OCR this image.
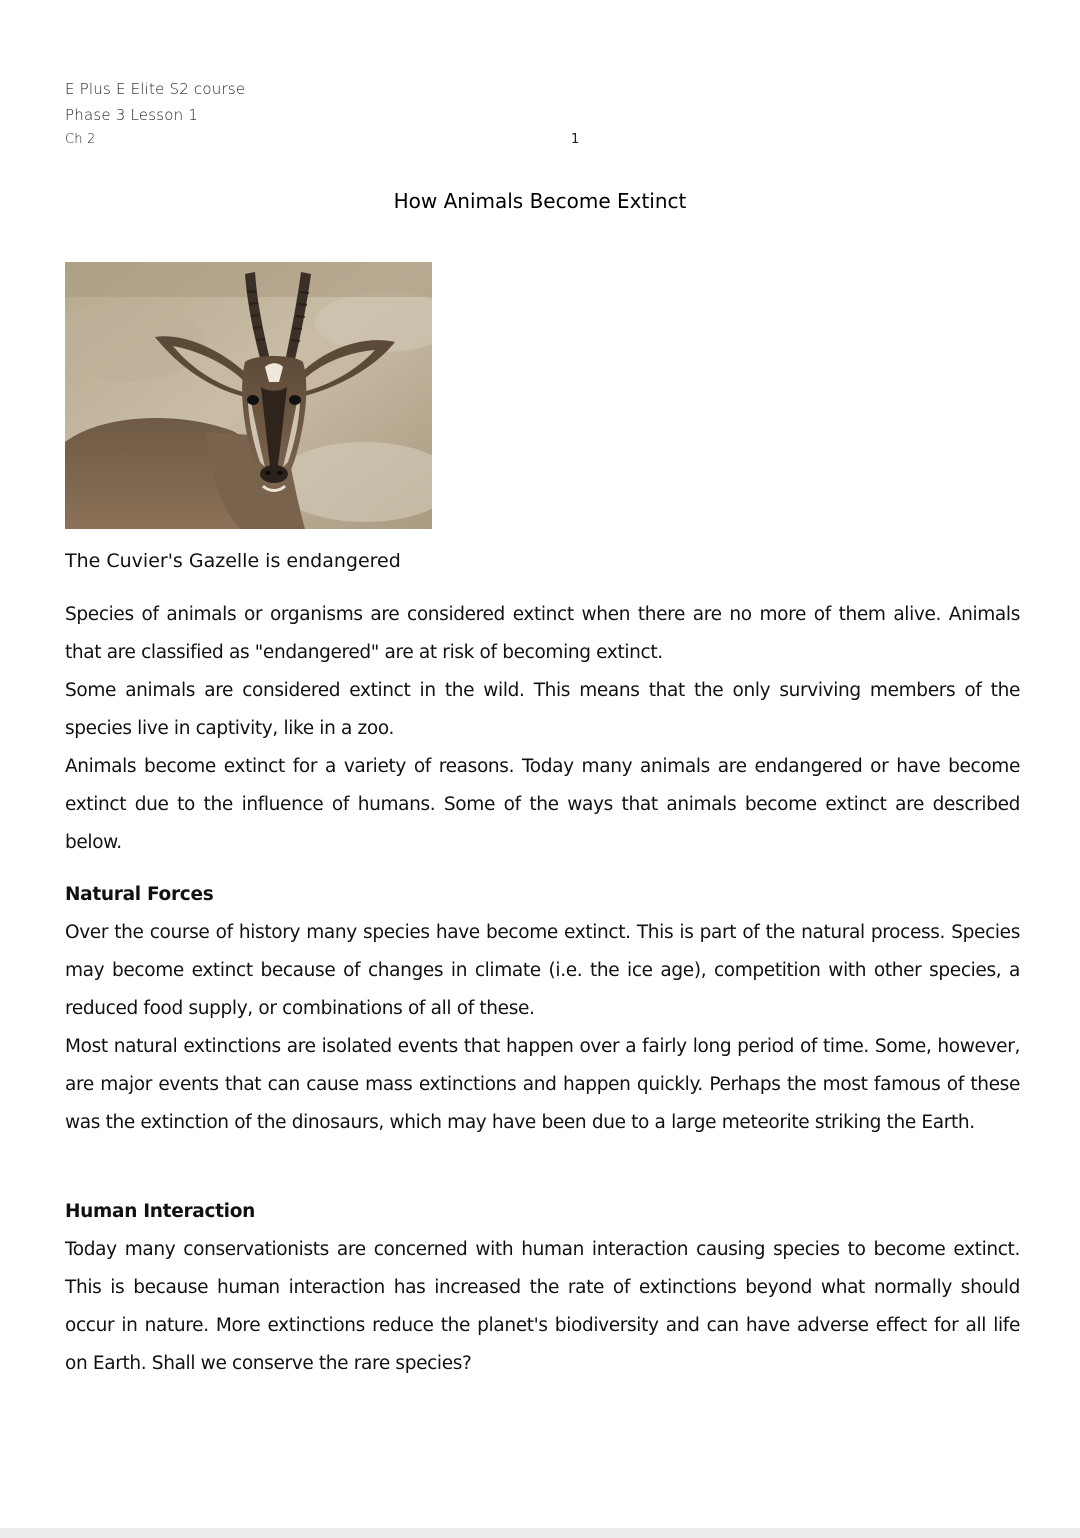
E Plus E Elite S2 course
Phase 3 Lesson 1
Ch 2	1
How Animals Become Extinct
The Cuvier's Gazelle is endangered

Species of animals or organisms are considered extinct when there are no more of them alive. Animals that are classified as "endangered" are at risk of becoming extinct.

Some animals are considered extinct in the wild. This means that the only surviving members of the species live in captivity, like in a zoo.

Animals become extinct for a variety of reasons. Today many animals are endangered or have become extinct due to the influence of humans. Some of the ways that animals become extinct are described below.

Natural Forces

Over the course of history many species have become extinct. This is part of the natural process. Species may become extinct because of changes in climate (i.e. the ice age), competition with other species, a reduced food supply, or combinations of all of these.

Most natural extinctions are isolated events that happen over a fairly long period of time. Some, however, are major events that can cause mass extinctions and happen quickly. Perhaps the most famous of these was the extinction of the dinosaurs, which may have been due to a large meteorite striking the Earth.

Human Interaction

Today many conservationists are concerned with human interaction causing species to become extinct. This is because human interaction has increased the rate of extinctions beyond what normally should occur in nature. More extinctions reduce the planet's biodiversity and can have adverse effect for all life on Earth. Shall we conserve the rare species?
